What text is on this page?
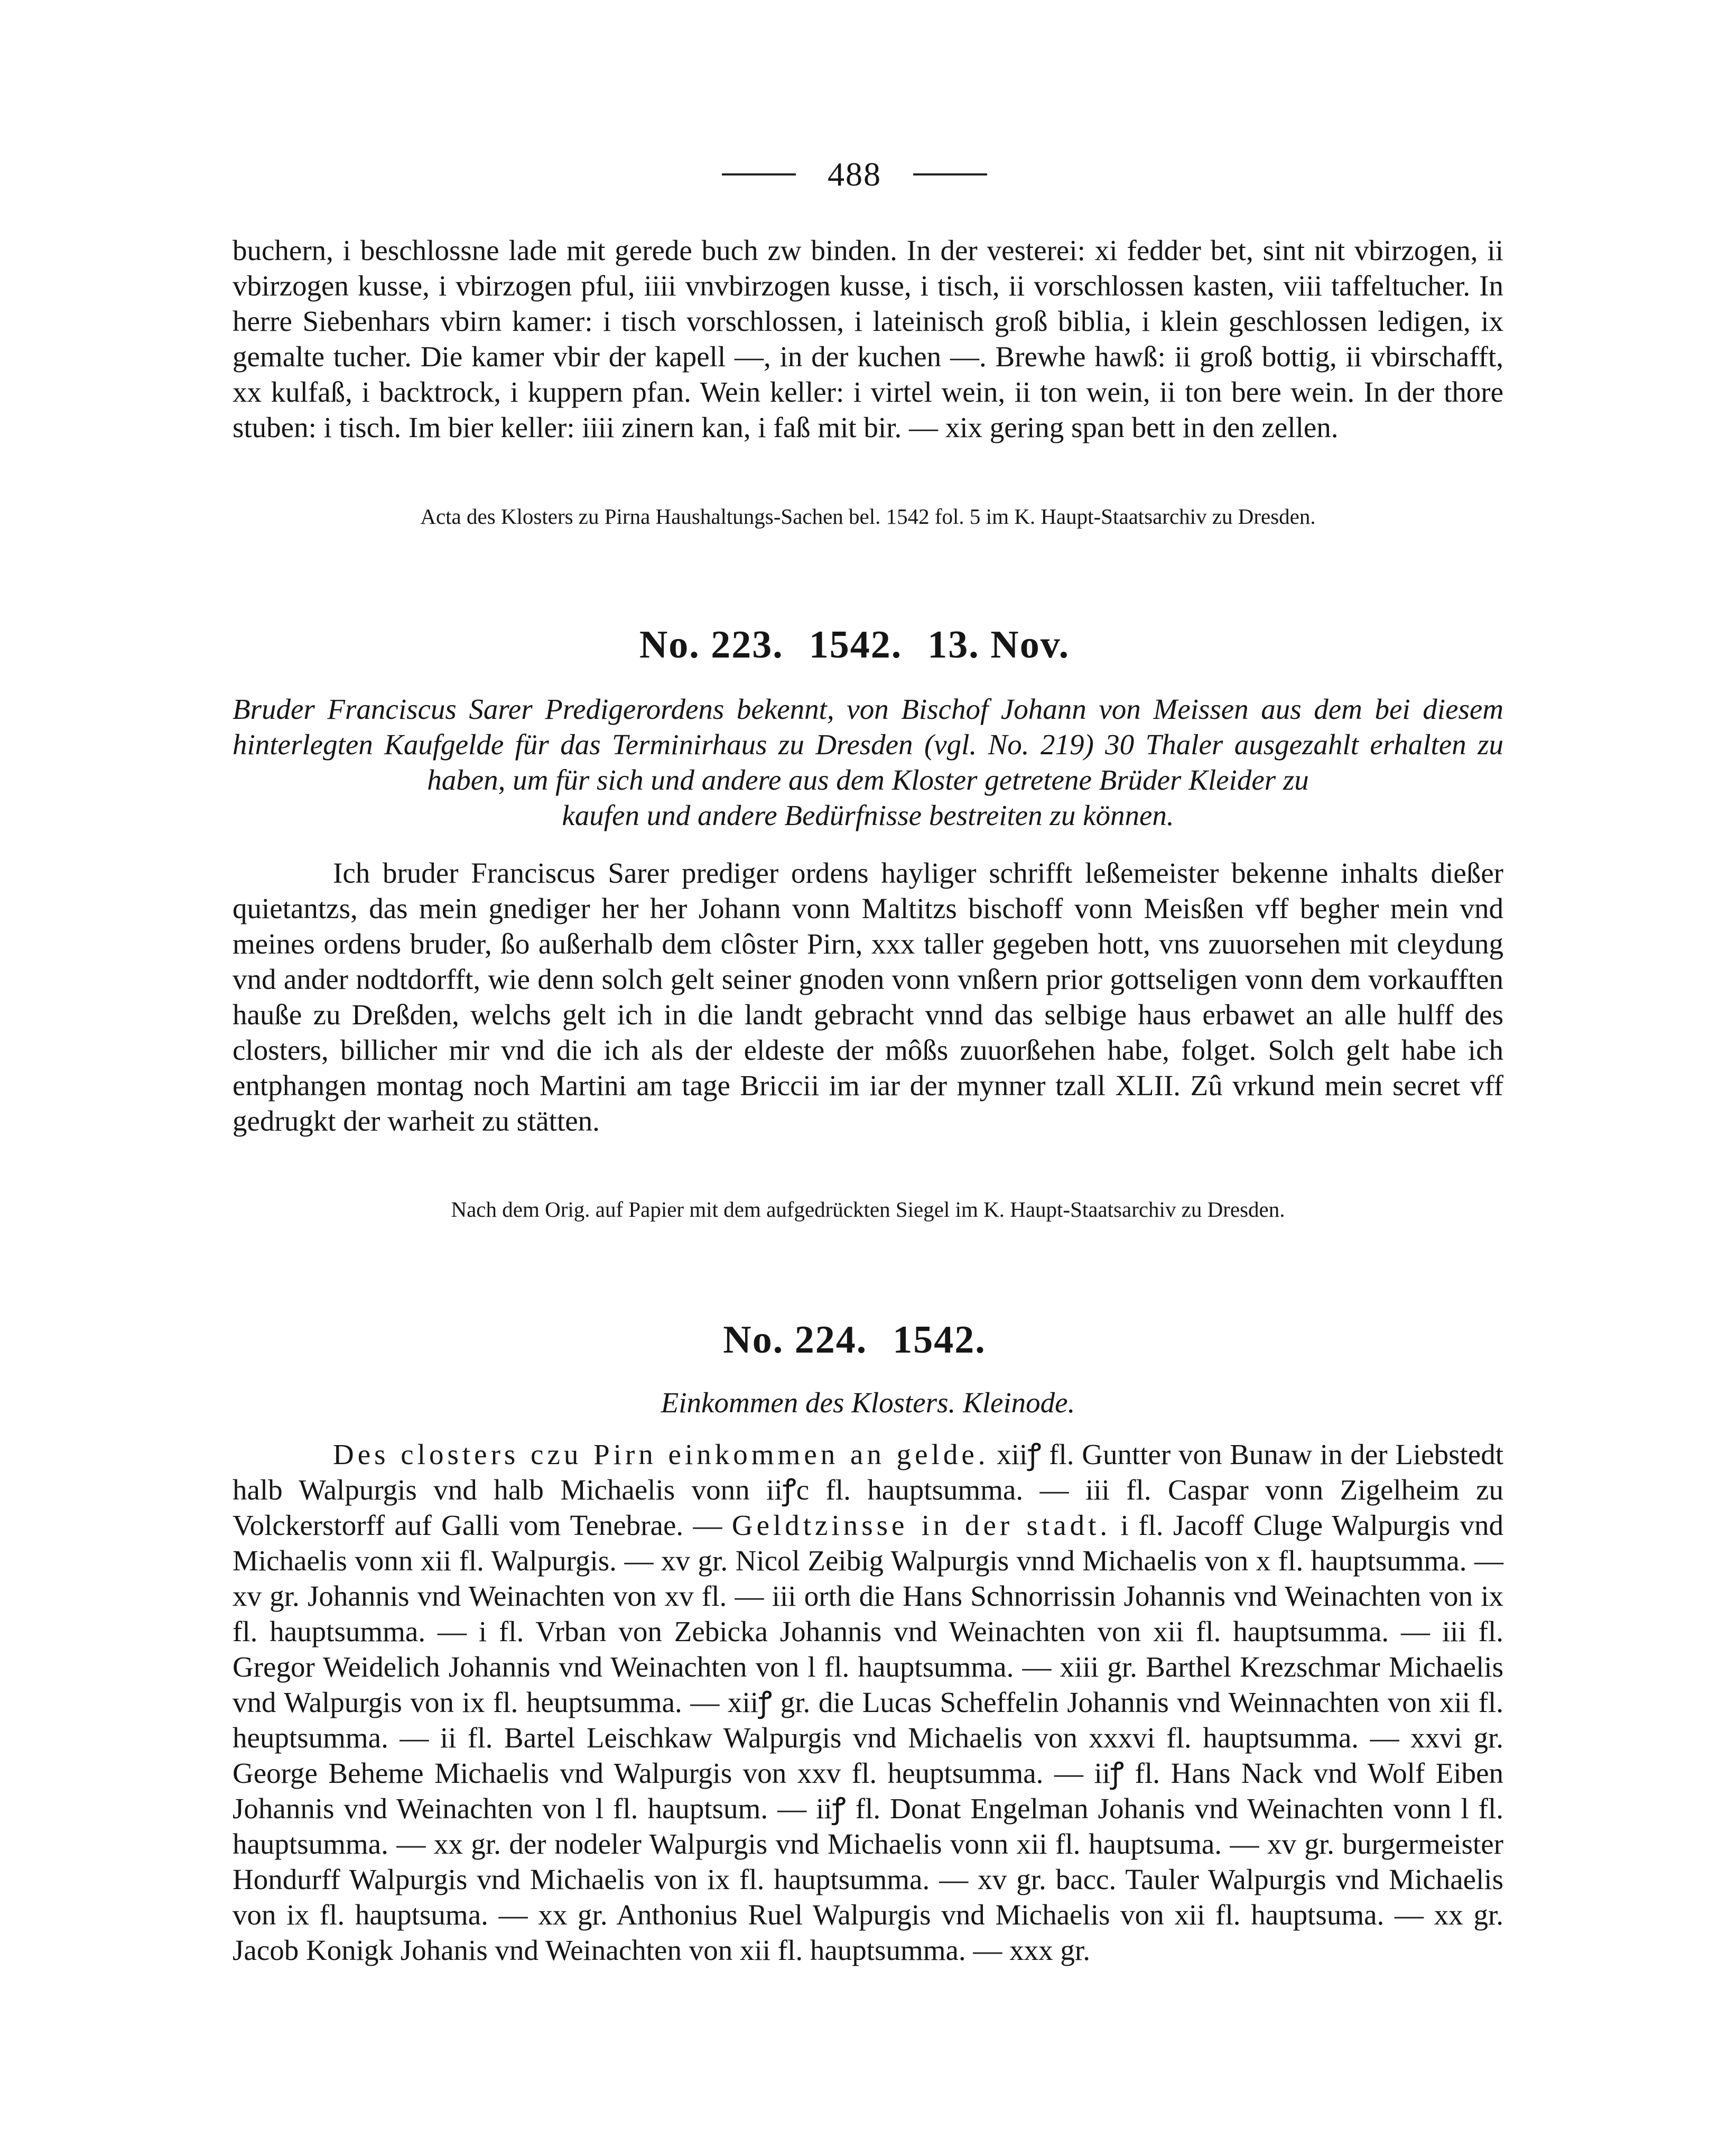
488

buchern, i beschlossne lade mit gerede buch zw binden. In der vesterei: xi fedder bet, sint nit vbirzogen, ii vbirzogen kusse, i vbirzogen pful, iiii vnvbirzogen kusse, i tisch, ii vorschlossen kasten, viii taffeltucher. In herre Siebenhars vbirn kamer: i tisch vorschlossen, i lateinisch groß biblia, i klein geschlossen ledigen, ix gemalte tucher. Die kamer vbir der kapell —, in der kuchen —. Brewhe hawß: ii groß bottig, ii vbirschafft, xx kulfaß, i backtrock, i kuppern pfan. Wein keller: i virtel wein, ii ton wein, ii ton bere wein. In der thore stuben: i tisch. Im bier keller: iiii zinern kan, i faß mit bir. — xix gering span bett in den zellen.

Acta des Klosters zu Pirna Haushaltungs-Sachen bel. 1542 fol. 5 im K. Haupt-Staatsarchiv zu Dresden.

No. 223. 1542. 13. Nov.

Bruder Franciscus Sarer Predigerordens bekennt, von Bischof Johann von Meissen aus dem bei diesem hinterlegten Kaufgelde für das Terminirhaus zu Dresden (vgl. No. 219) 30 Thaler ausgezahlt erhalten zu haben, um für sich und andere aus dem Kloster getretene Brüder Kleider zu

kaufen und andere Bedürfnisse bestreiten zu können.

Ich bruder Franciscus Sarer prediger ordens hayliger schrifft leßemeister bekenne inhalts dießer quietantzs, das mein gnediger her her Johann vonn Maltitzs bischoff vonn Meisßen vff begher mein vnd meines ordens bruder, ßo außerhalb dem clôster Pirn, xxx taller gegeben hott, vns zuuorsehen mit cleydung vnd ander nodtdorfft, wie denn solch gelt seiner gnoden vonn vnßern prior gottseligen vonn dem vorkaufften hauße zu Dreßden, welchs gelt ich in die landt gebracht vnnd das selbige haus erbawet an alle hulff des closters, billicher mir vnd die ich als der eldeste der môßs zuuorßehen habe, folget. Solch gelt habe ich entphangen montag noch Martini am tage Briccii im iar der mynner tzall XLII. Zû vrkund mein secret vff gedrugkt der warheit zu stätten.

Nach dem Orig. auf Papier mit dem aufgedrückten Siegel im K. Haupt-Staatsarchiv zu Dresden.

No. 224. 1542.

Einkommen des Klosters. Kleinode.

Des closters czu Pirn einkommen an gelde. xiiꝭ fl. Guntter von Bunaw in der Liebstedt halb Walpurgis vnd halb Michaelis vonn iiꝭc fl. hauptsumma. — iii fl. Caspar vonn Zigelheim zu Volckerstorff auf Galli vom Tenebrae. — Geldtzinsse in der stadt. i fl. Jacoff Cluge Walpurgis vnd Michaelis vonn xii fl. Walpurgis. — xv gr. Nicol Zeibig Walpurgis vnnd Michaelis von x fl. hauptsumma. — xv gr. Johannis vnd Weinachten von xv fl. — iii orth die Hans Schnorrissin Johannis vnd Weinachten von ix fl. hauptsumma. — i fl. Vrban von Zebicka Johannis vnd Weinachten von xii fl. hauptsumma. — iii fl. Gregor Weidelich Johannis vnd Weinachten von l fl. hauptsumma. — xiii gr. Barthel Krezschmar Michaelis vnd Walpurgis von ix fl. heuptsumma. — xiiꝭ gr. die Lucas Scheffelin Johannis vnd Weinnachten von xii fl. heuptsumma. — ii fl. Bartel Leischkaw Walpurgis vnd Michaelis von xxxvi fl. hauptsumma. — xxvi gr. George Beheme Michaelis vnd Walpurgis von xxv fl. heuptsumma. — iiꝭ fl. Hans Nack vnd Wolf Eiben Johannis vnd Weinachten von l fl. hauptsum. — iiꝭ fl. Donat Engelman Johanis vnd Weinachten vonn l fl. hauptsumma. — xx gr. der nodeler Walpurgis vnd Michaelis vonn xii fl. hauptsuma. — xv gr. burgermeister Hondurff Walpurgis vnd Michaelis von ix fl. hauptsumma. — xv gr. bacc. Tauler Walpurgis vnd Michaelis von ix fl. hauptsuma. — xx gr. Anthonius Ruel Walpurgis vnd Michaelis von xii fl. hauptsuma. — xx gr. Jacob Konigk Johanis vnd Weinachten von xii fl. hauptsumma. — xxx gr.
